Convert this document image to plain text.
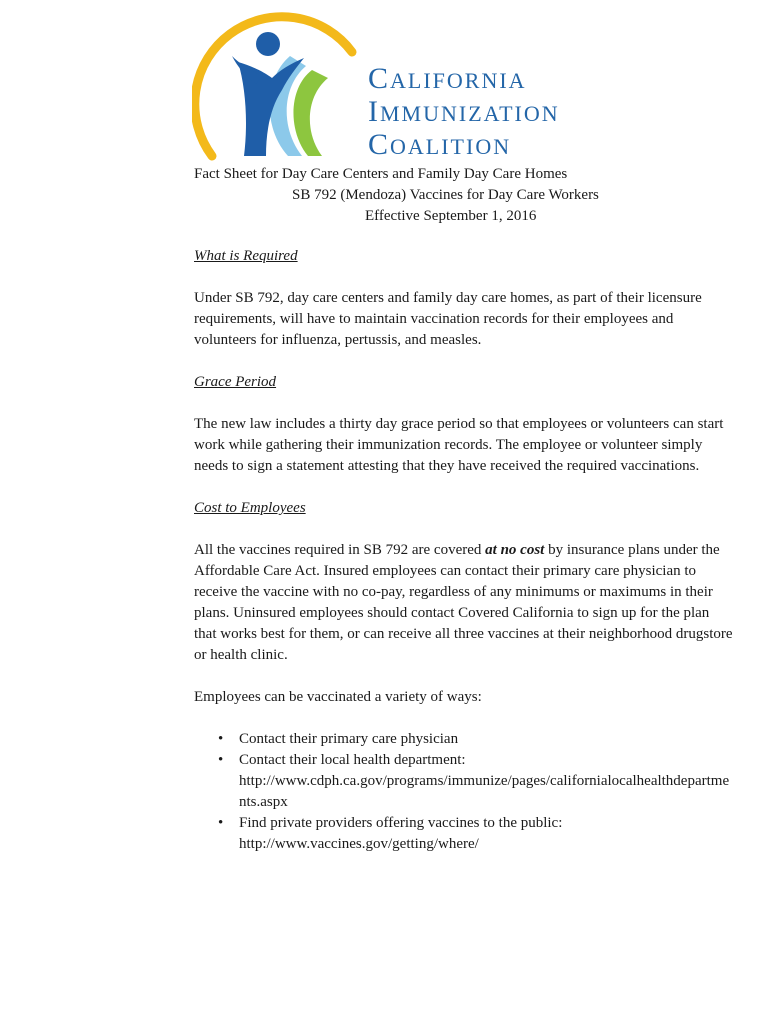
CALIFORNIA
IMMUNIZATION
COALITION
Fact Sheet for Day Care Centers and Family Day Care Homes
SB 792 (Mendoza) Vaccines for Day Care Workers
Effective September 1, 2016
What is Required
Under SB 792, day care centers and family day care homes, as part of their licensure requirements, will have to maintain vaccination records for their employees and volunteers for influenza, pertussis, and measles.
Grace Period
The new law includes a thirty day grace period so that employees or volunteers can start work while gathering their immunization records. The employee or volunteer simply needs to sign a statement attesting that they have received the required vaccinations.
Cost to Employees
All the vaccines required in SB 792 are covered at no cost by insurance plans under the Affordable Care Act. Insured employees can contact their primary care physician to receive the vaccine with no co-pay, regardless of any minimums or maximums in their plans. Uninsured employees should contact Covered California to sign up for the plan that works best for them, or can receive all three vaccines at their neighborhood drugstore or health clinic.
Employees can be vaccinated a variety of ways:
• Contact their primary care physician
• Contact their local health department:
http://www.cdph.ca.gov/programs/immunize/pages/californialocalhealthdepartments.aspx
• Find private providers offering vaccines to the public:
http://www.vaccines.gov/getting/where/
